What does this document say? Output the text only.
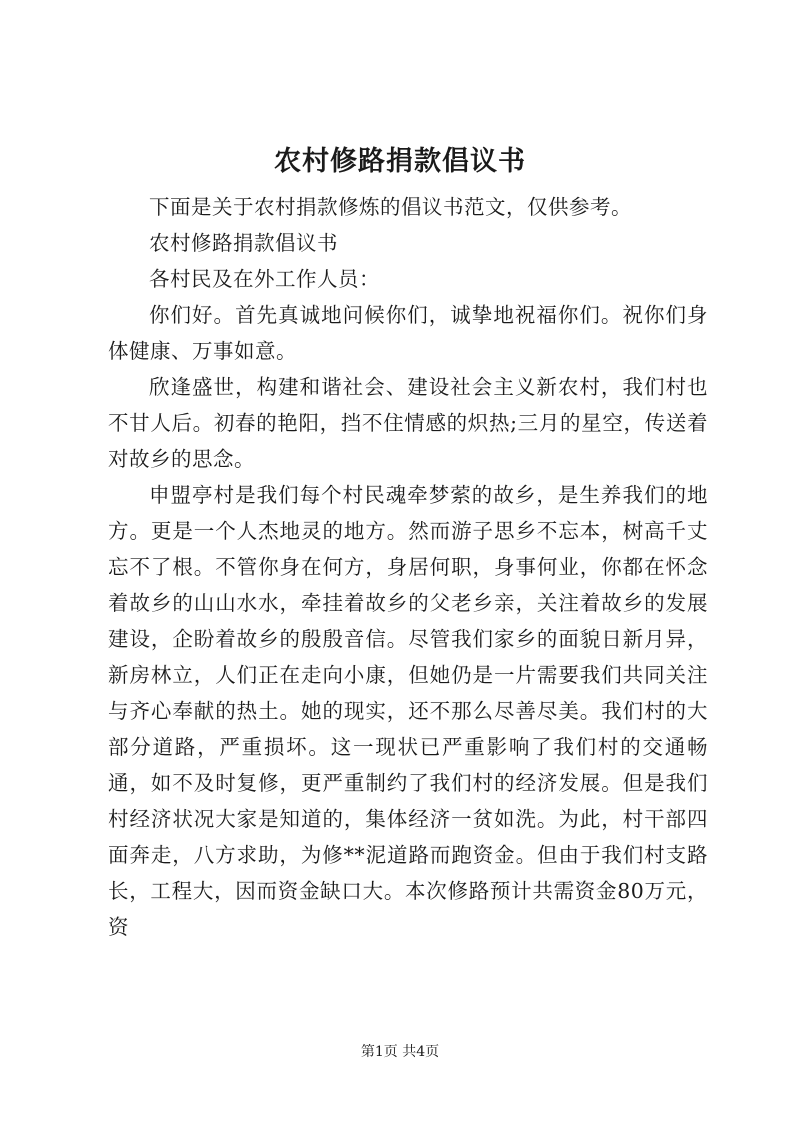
农村修路捐款倡议书

下面是关于农村捐款修炼的倡议书范文，仅供参考。

农村修路捐款倡议书

各村民及在外工作人员：

你们好。首先真诚地问候你们，诚挚地祝福你们。祝你们身体健康、万事如意。

欣逢盛世，构建和谐社会、建设社会主义新农村，我们村也不甘人后。初春的艳阳，挡不住情感的炽热;三月的星空，传送着对故乡的思念。

申盟亭村是我们每个村民魂牵梦萦的故乡，是生养我们的地方。更是一个人杰地灵的地方。然而游子思乡不忘本，树高千丈忘不了根。不管你身在何方，身居何职，身事何业，你都在怀念着故乡的山山水水，牵挂着故乡的父老乡亲，关注着故乡的发展建设，企盼着故乡的殷殷音信。尽管我们家乡的面貌日新月异，新房林立，人们正在走向小康，但她仍是一片需要我们共同关注与齐心奉献的热土。她的现实，还不那么尽善尽美。我们村的大部分道路，严重损坏。这一现状已严重影响了我们村的交通畅通，如不及时复修，更严重制约了我们村的经济发展。但是我们村经济状况大家是知道的，集体经济一贫如洗。为此，村干部四面奔走，八方求助，为修**泥道路而跑资金。但由于我们村支路长，工程大，因而资金缺口大。本次修路预计共需资金80万元，资

第1页 共4页
